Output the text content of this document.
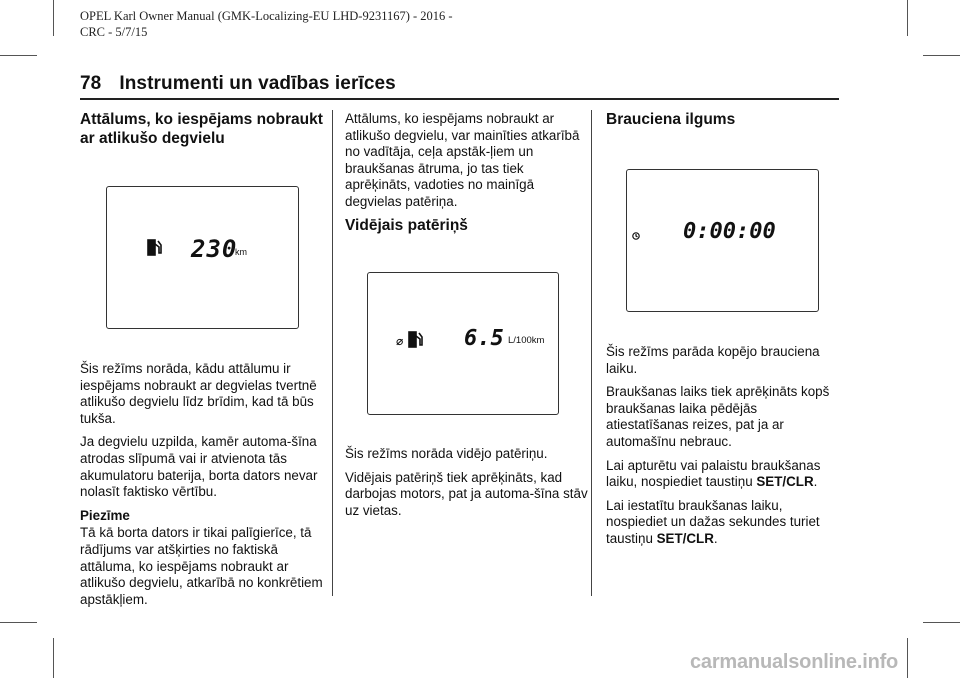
OPEL Karl Owner Manual (GMK-Localizing-EU LHD-9231167) - 2016 -
CRC - 5/7/15
78 Instrumenti un vadības ierīces
Attālums, ko iespējams nobraukt ar atlikušo degvielu
230
km

Šis režīms norāda, kādu attālumu ir iespējams nobraukt ar degvielas tvertnē atlikušo degvielu līdz brīdim, kad tā būs tukša.

Ja degvielu uzpilda, kamēr automa-šīna atrodas slīpumā vai ir atvienota tās akumulatoru baterija, borta dators nevar nolasīt faktisko vērtību.

Piezīme

Tā kā borta dators ir tikai palīgierīce, tā rādījums var atšķirties no faktiskā attāluma, ko iespējams nobraukt ar atlikušo degvielu, atkarībā no konkrētiem apstākļiem.

Attālums, ko iespējams nobraukt ar atlikušo degvielu, var mainīties atkarībā no vadītāja, ceļa apstāk-ļiem un braukšanas ātruma, jo tas tiek aprēķināts, vadoties no mainīgā degvielas patēriņa.

Vidējais patēriņš
⌀	6.5 L/100km

Šis režīms norāda vidējo patēriņu.

Vidējais patēriņš tiek aprēķināts, kad darbojas motors, pat ja automa-šīna stāv uz vietas.

Brauciena ilgums
0:00:00

Šis režīms parāda kopējo brauciena laiku.

Braukšanas laiks tiek aprēķināts kopš braukšanas laika pēdējās atiestatīšanas reizes, pat ja ar automašīnu nebrauc.

Lai apturētu vai palaistu braukšanas laiku, nospiediet taustiņu SET/CLR.

Lai iestatītu braukšanas laiku, nospiediet un dažas sekundes turiet taustiņu SET/CLR.

carmanualsonline.info
